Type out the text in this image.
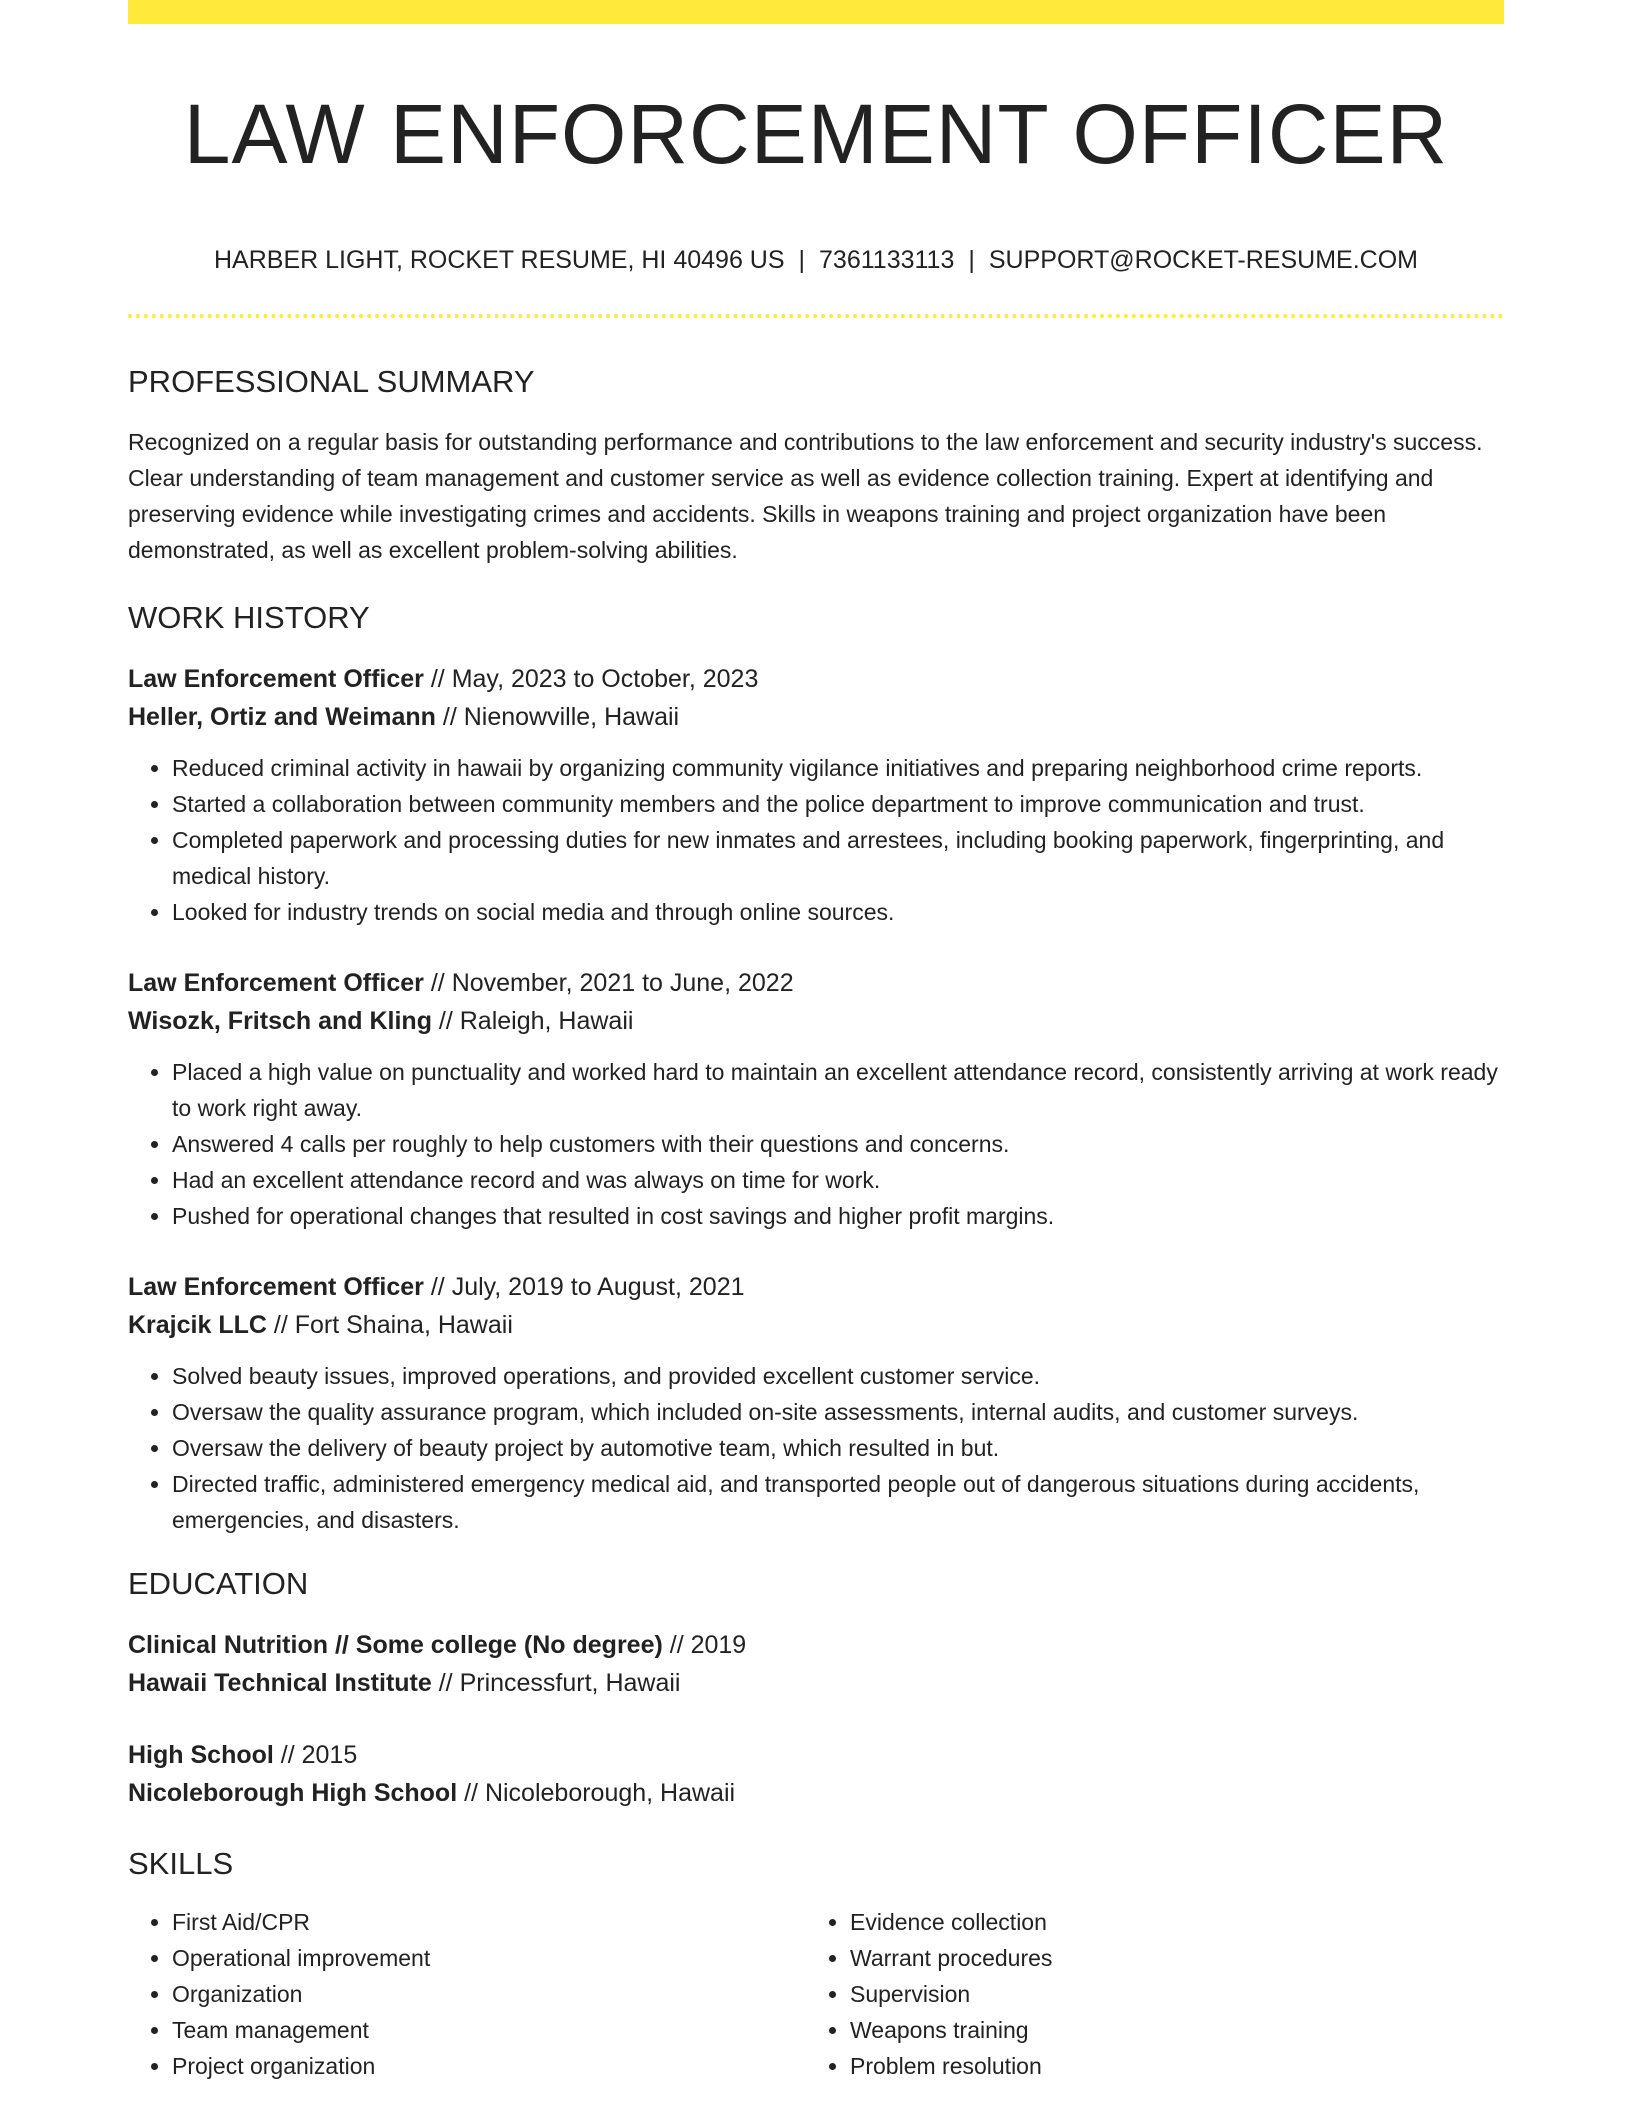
LAW ENFORCEMENT OFFICER
HARBER LIGHT, ROCKET RESUME, HI 40496 US | 7361133113 | SUPPORT@ROCKET-RESUME.COM
PROFESSIONAL SUMMARY

Recognized on a regular basis for outstanding performance and contributions to the law enforcement and security industry's success. Clear understanding of team management and customer service as well as evidence collection training. Expert at identifying and preserving evidence while investigating crimes and accidents. Skills in weapons training and project organization have been demonstrated, as well as excellent problem-solving abilities.

WORK HISTORY
Law Enforcement Officer // May, 2023 to October, 2023
Heller, Ortiz and Weimann // Nienowville, Hawaii
• Reduced criminal activity in hawaii by organizing community vigilance initiatives and preparing neighborhood crime reports.
• Started a collaboration between community members and the police department to improve communication and trust.
• Completed paperwork and processing duties for new inmates and arrestees, including booking paperwork, fingerprinting, and medical history.
• Looked for industry trends on social media and through online sources.
Law Enforcement Officer // November, 2021 to June, 2022
Wisozk, Fritsch and Kling // Raleigh, Hawaii
• Placed a high value on punctuality and worked hard to maintain an excellent attendance record, consistently arriving at work ready to work right away.
• Answered 4 calls per roughly to help customers with their questions and concerns.
• Had an excellent attendance record and was always on time for work.
• Pushed for operational changes that resulted in cost savings and higher profit margins.
Law Enforcement Officer // July, 2019 to August, 2021
Krajcik LLC // Fort Shaina, Hawaii
• Solved beauty issues, improved operations, and provided excellent customer service.
• Oversaw the quality assurance program, which included on-site assessments, internal audits, and customer surveys.
• Oversaw the delivery of beauty project by automotive team, which resulted in but.
• Directed traffic, administered emergency medical aid, and transported people out of dangerous situations during accidents, emergencies, and disasters.
EDUCATION
Clinical Nutrition // Some college (No degree) // 2019
Hawaii Technical Institute // Princessfurt, Hawaii
High School // 2015
Nicoleborough High School // Nicoleborough, Hawaii
SKILLS
• First Aid/CPR
• Operational improvement
• Organization
• Team management
• Project organization
• Evidence collection
• Warrant procedures
• Supervision
• Weapons training
• Problem resolution
